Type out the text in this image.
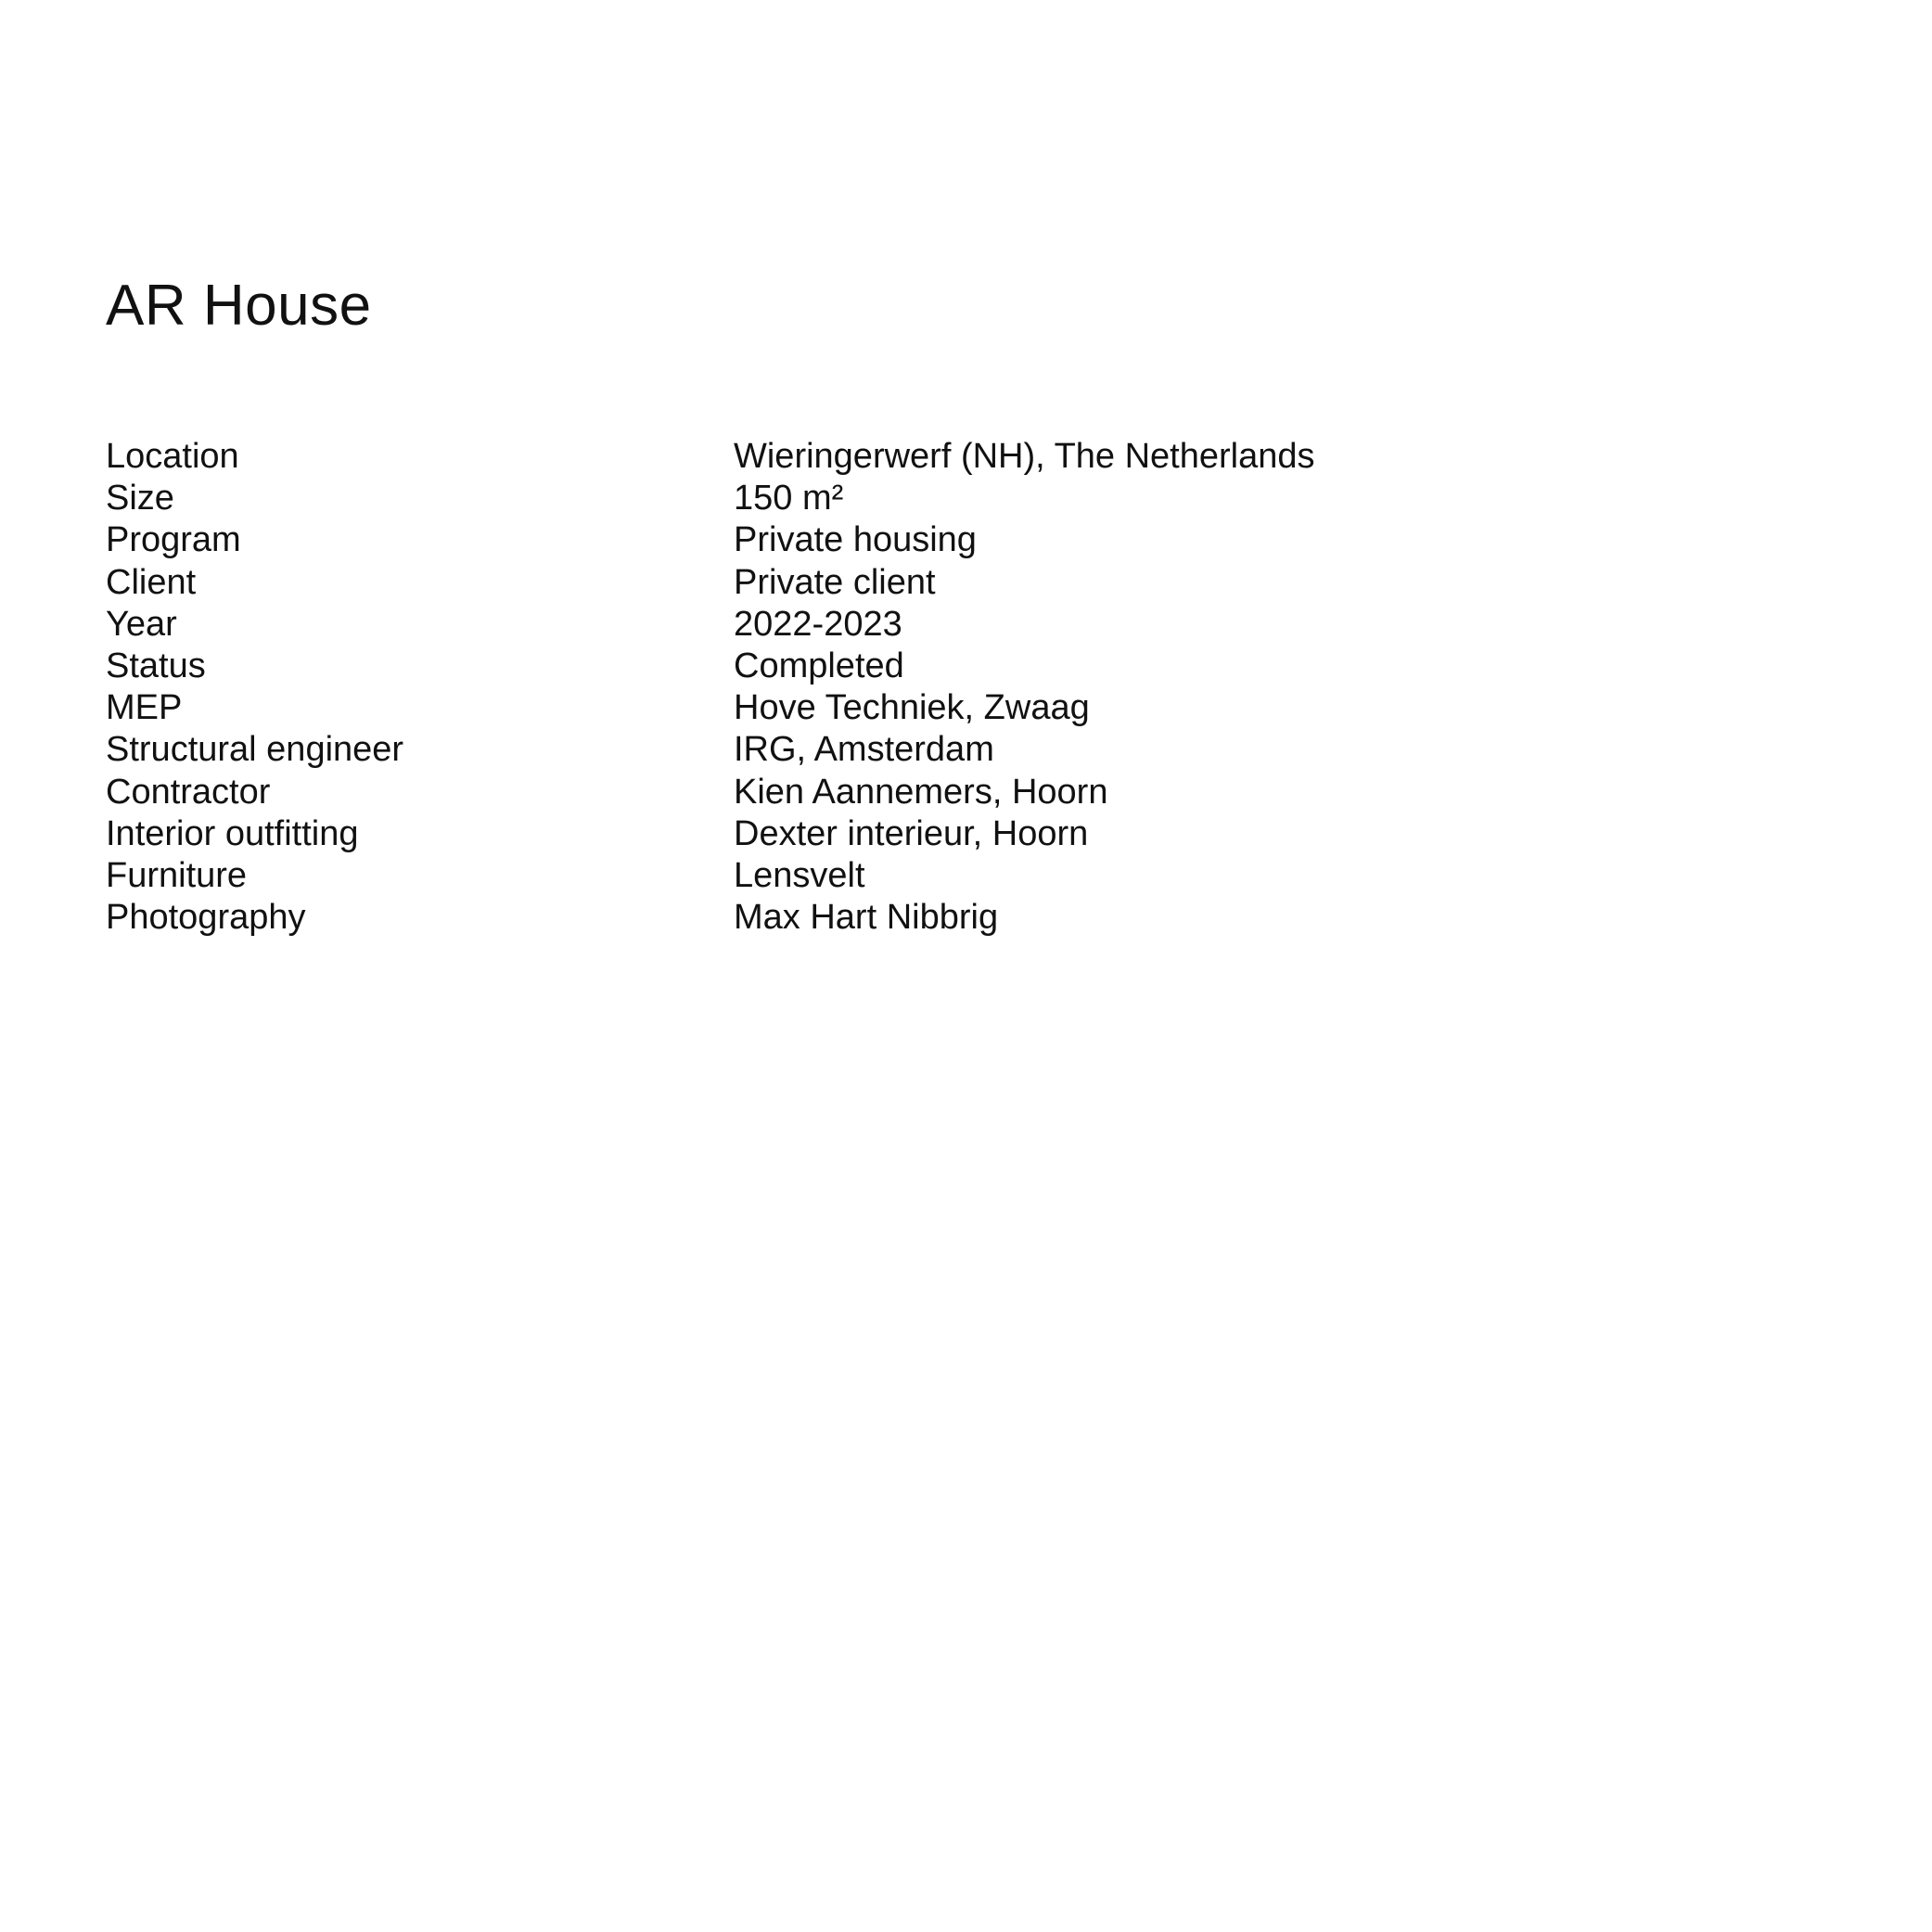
AR House
Location	Wieringerwerf (NH), The Netherlands
Size	150 m²
Program	Private housing
Client	Private client
Year	2022-2023
Status	Completed
MEP	Hove Techniek, Zwaag
Structural engineer	IRG, Amsterdam
Contractor	Kien Aannemers, Hoorn
Interior outfitting	Dexter interieur, Hoorn
Furniture	Lensvelt
Photography	Max Hart Nibbrig
